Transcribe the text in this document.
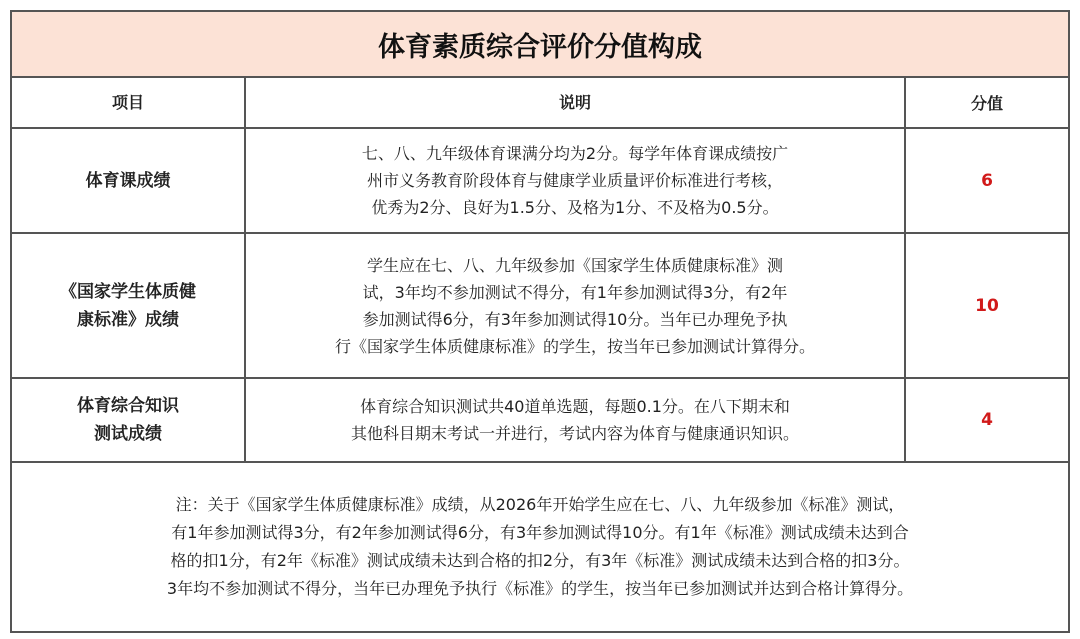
体育素质综合评价分值构成
项目	说明	分值
体育课成绩
七、八、九年级体育课满分均为2分。每学年体育课成绩按广
州市义务教育阶段体育与健康学业质量评价标准进行考核，
优秀为2分、良好为1.5分、及格为1分、不及格为0.5分。
6
《国家学生体质健
康标准》成绩
学生应在七、八、九年级参加《国家学生体质健康标准》测
试，3年均不参加测试不得分，有1年参加测试得3分，有2年
参加测试得6分，有3年参加测试得10分。当年已办理免予执
行《国家学生体质健康标准》的学生，按当年已参加测试计算得分。
10
体育综合知识
测试成绩
体育综合知识测试共40道单选题，每题0.1分。在八下期末和
其他科目期末考试一并进行，考试内容为体育与健康通识知识。
4
注：关于《国家学生体质健康标准》成绩，从2026年开始学生应在七、八、九年级参加《标准》测试，
有1年参加测试得3分，有2年参加测试得6分，有3年参加测试得10分。有1年《标准》测试成绩未达到合
格的扣1分，有2年《标准》测试成绩未达到合格的扣2分，有3年《标准》测试成绩未达到合格的扣3分。
3年均不参加测试不得分，当年已办理免予执行《标准》的学生，按当年已参加测试并达到合格计算得分。
